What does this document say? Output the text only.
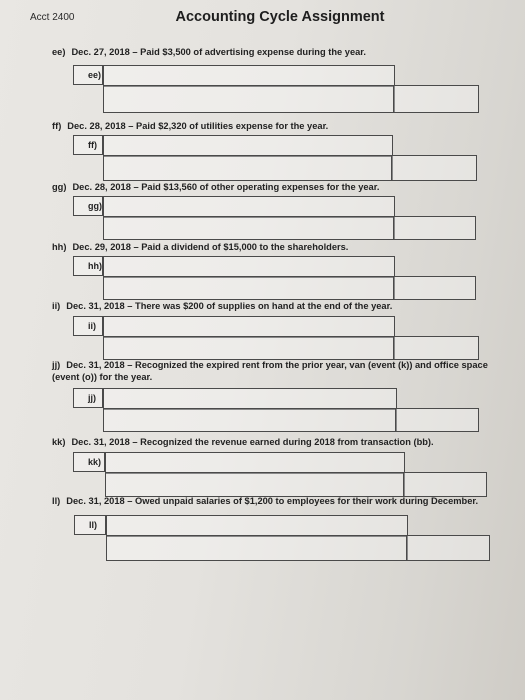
Acct 2400	Accounting Cycle Assignment
ee) Dec. 27, 2018 – Paid $3,500 of advertising expense during the year.
ee)
ff) Dec. 28, 2018 – Paid $2,320 of utilities expense for the year.
ff)
gg) Dec. 28, 2018 – Paid $13,560 of other operating expenses for the year.
gg)
hh) Dec. 29, 2018 – Paid a dividend of $15,000 to the shareholders.
hh)
ii) Dec. 31, 2018 – There was $200 of supplies on hand at the end of the year.
ii)
jj) Dec. 31, 2018 – Recognized the expired rent from the prior year, van (event (k)) and office space (event (o)) for the year.
jj)
kk) Dec. 31, 2018 – Recognized the revenue earned during 2018 from transaction (bb).
kk)
ll) Dec. 31, 2018 – Owed unpaid salaries of $1,200 to employees for their work during December.
ll)
